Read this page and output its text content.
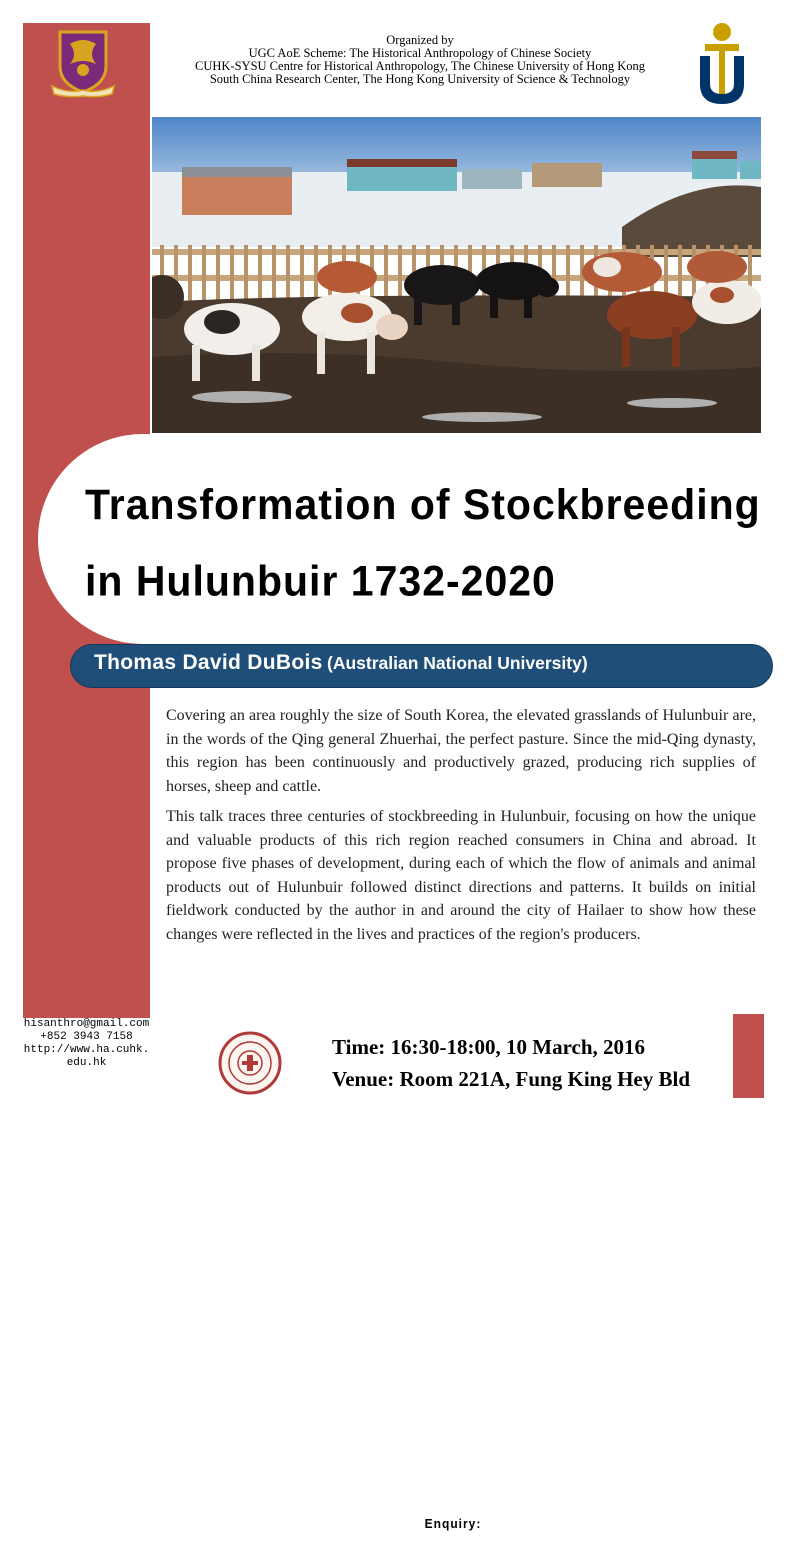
Organized by
UGC AoE Scheme: The Historical Anthropology of Chinese Society
CUHK-SYSU Centre for Historical Anthropology, The Chinese University of Hong Kong
South China Research Center, The Hong Kong University of Science & Technology
Transformation of Stockbreeding
in Hulunbuir 1732-2020
Thomas David DuBois (Australian National University)

Covering an area roughly the size of South Korea, the elevated grasslands of Hulunbuir are, in the words of the Qing general Zhuerhai, the perfect pasture. Since the mid-Qing dynasty, this region has been continuously and productively grazed, producing rich supplies of horses, sheep and cattle.

This talk traces three centuries of stockbreeding in Hulunbuir, focusing on how the unique and valuable products of this rich region reached consumers in China and abroad. It propose five phases of development, during each of which the flow of animals and animal products out of Hulunbuir followed distinct directions and patterns. It builds on initial fieldwork conducted by the author in and around the city of Hailaer to show how these changes were reflected in the lives and practices of the region's producers.

Enquiry:
hisanthro@gmail.com
+852 3943 7158
http://www.ha.cuhk.
edu.hk
Time: 16:30-18:00, 10 March, 2016
Venue: Room 221A, Fung King Hey Bld
